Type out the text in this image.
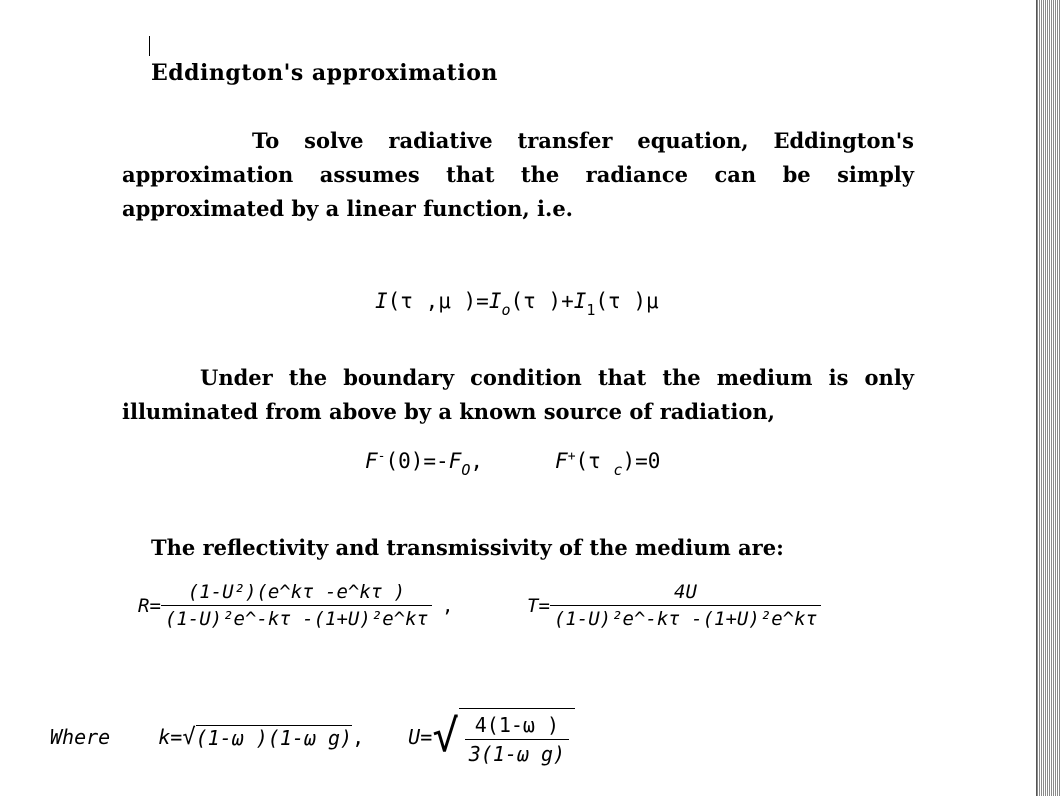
Eddington's approximation
To solve radiative transfer equation, Eddington's
approximation assumes that the radiance can be simply
approximated by a linear function, i.e.
I(τ ,μ )$=I_o(\tau$ )$+I_1(\tau$ )μ
Under the boundary condition that the medium is only
illuminated from above by a known source of radiation,
$F^-(0)=-F_O$,	F+(τ $_c$)=0
The reflectivity and transmissivity of the medium are:
$R= \frac{\text{(1-U²)(e\textasciicircum{}kτ -e\textasciicircum{}kτ )}}{\text{(1-U)²e\textasciicircum{}-kτ -(1+U)²e\textasciicircum{}kτ}}$ ,	$T= \frac{4U}{\text{(1-U)²e\textasciicircum{}-kτ -(1+U)²e\textasciicircum{}kτ}}$
Where k= √ (1-ω )(1-ω g) , U= √ $\frac{4(1-\omega )}{\text{3(1-ω g)}}$
